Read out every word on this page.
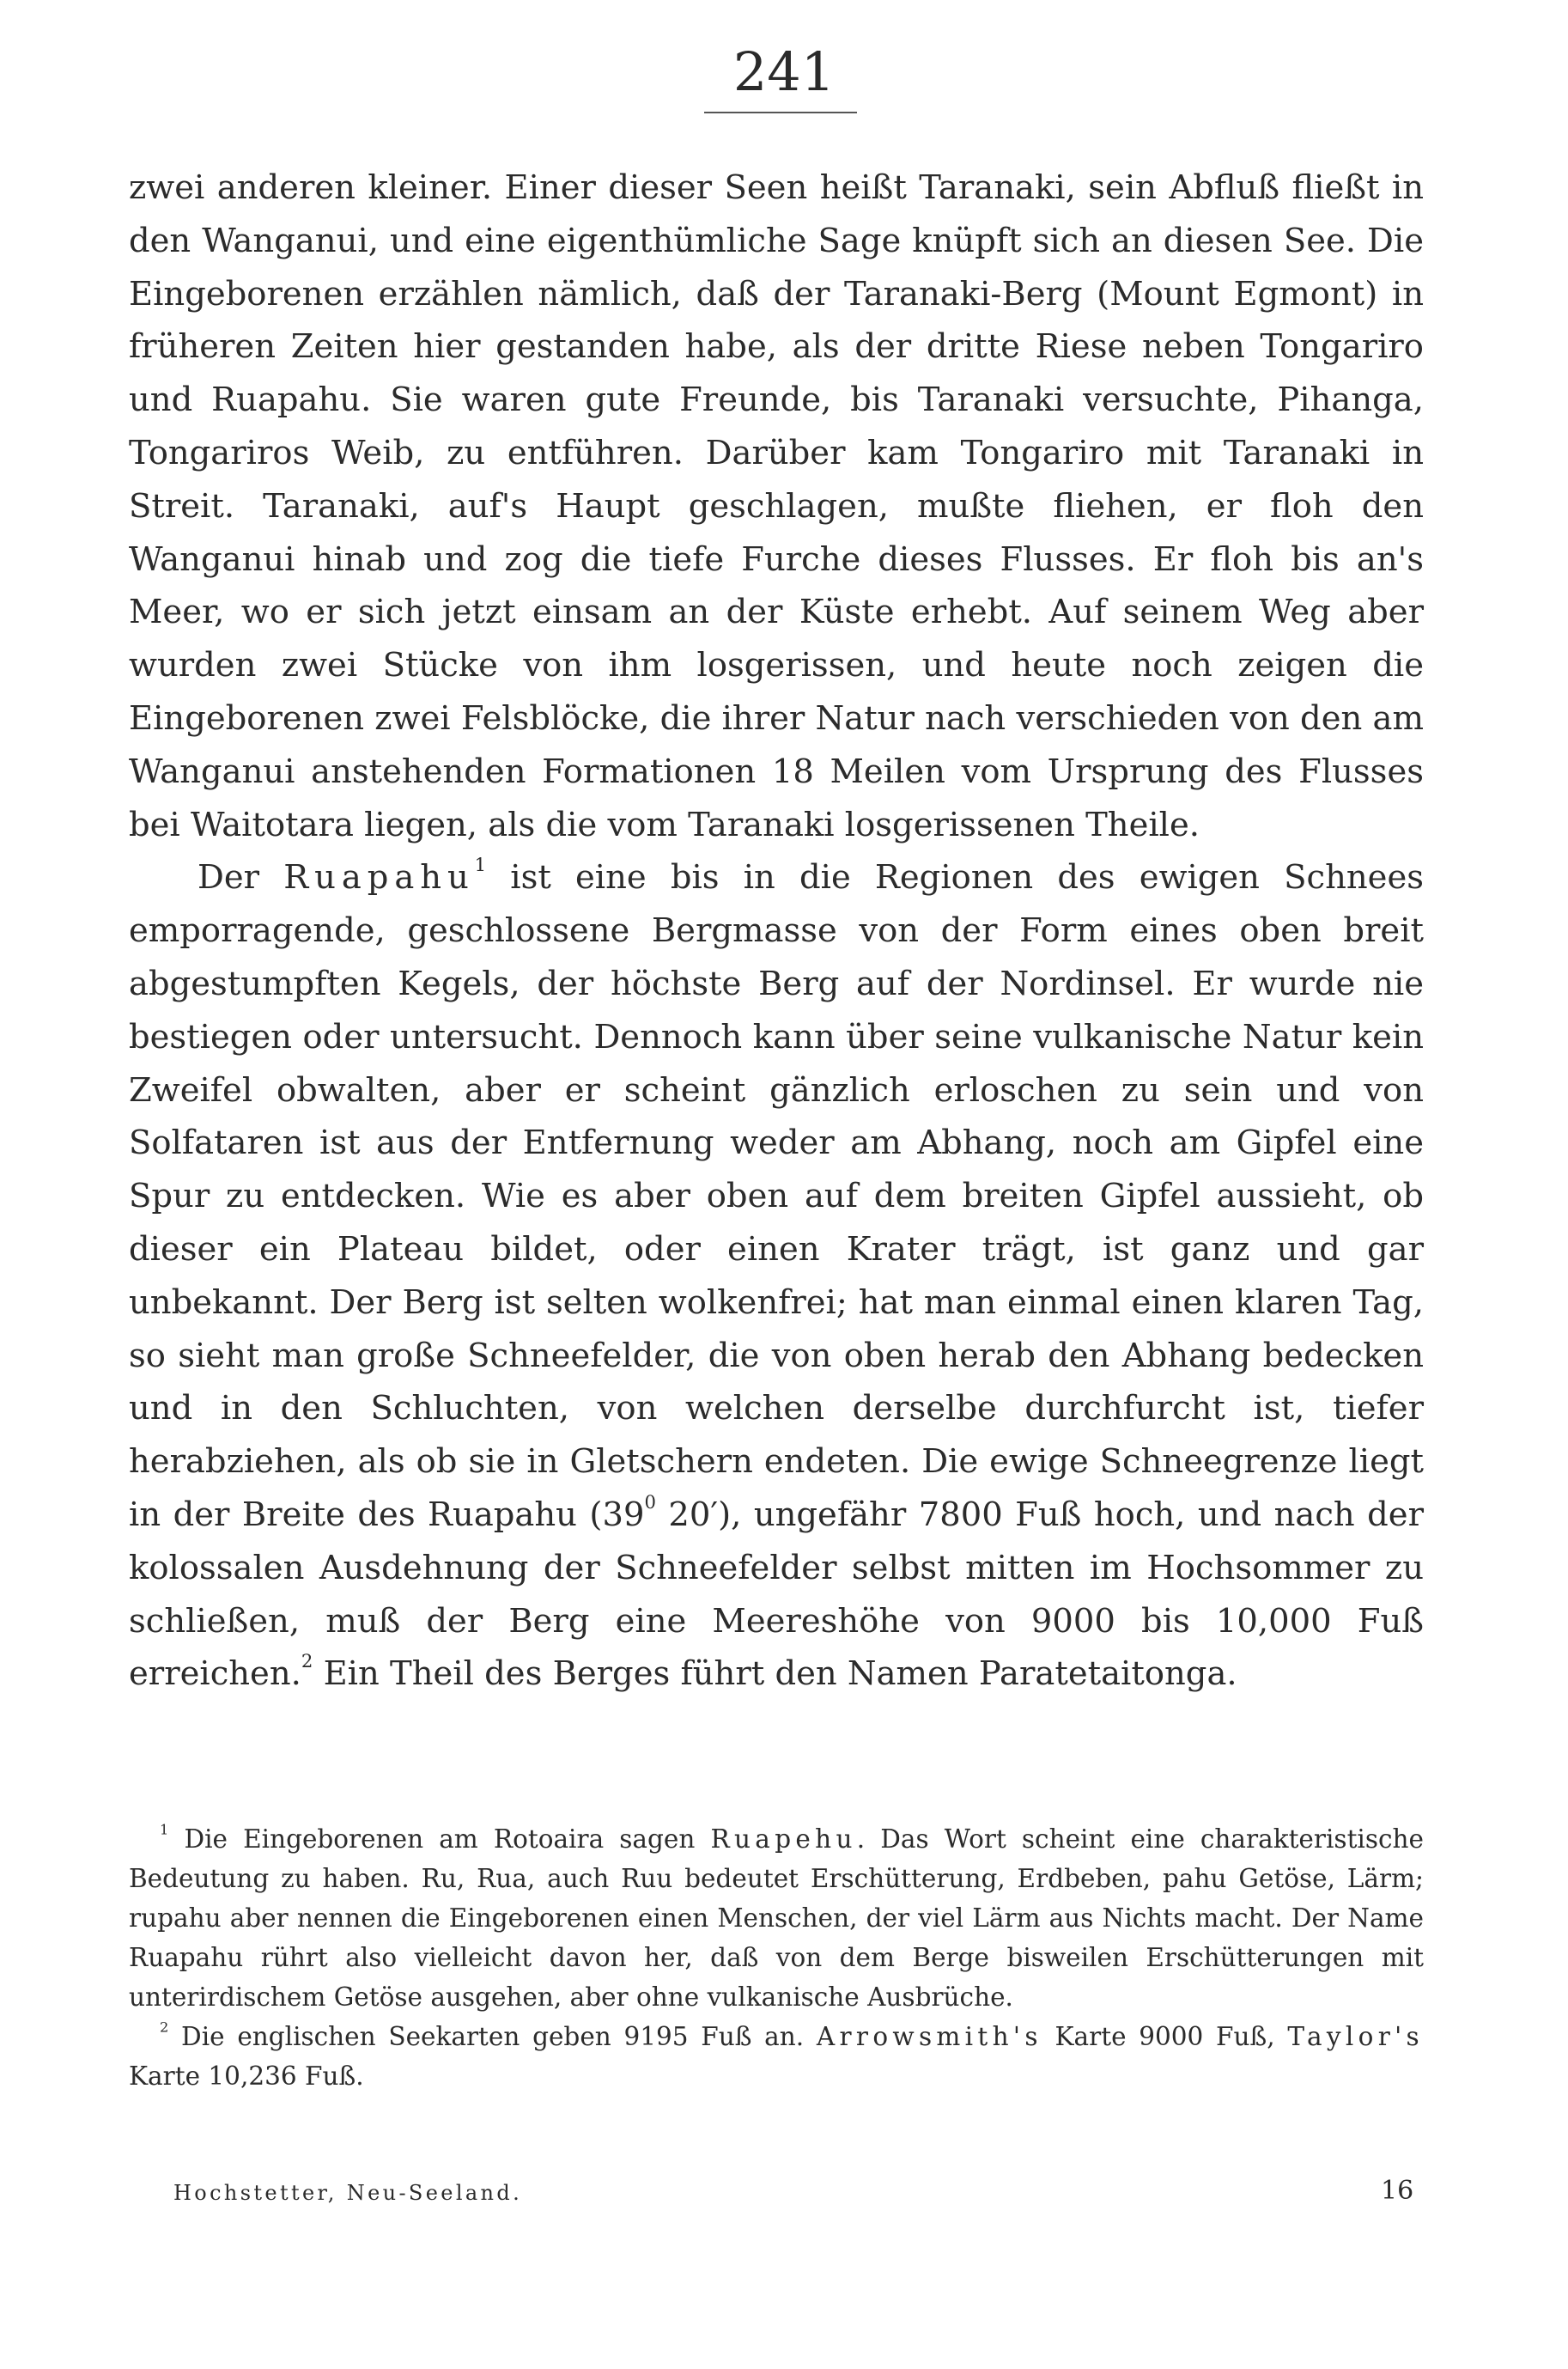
241

zwei anderen kleiner. Einer dieser Seen heißt Taranaki, sein Abfluß fließt in den Wanganui, und eine eigenthümliche Sage knüpft sich an diesen See. Die Eingeborenen erzählen nämlich, daß der Taranaki-Berg (Mount Egmont) in früheren Zeiten hier gestanden habe, als der dritte Riese neben Tongariro und Ruapahu. Sie waren gute Freunde, bis Taranaki versuchte, Pihanga, Tongariros Weib, zu entführen. Darüber kam Tongariro mit Taranaki in Streit. Taranaki, auf's Haupt geschlagen, mußte fliehen, er floh den Wanganui hinab und zog die tiefe Furche dieses Flusses. Er floh bis an's Meer, wo er sich jetzt einsam an der Küste erhebt. Auf seinem Weg aber wurden zwei Stücke von ihm losgerissen, und heute noch zeigen die Eingeborenen zwei Felsblöcke, die ihrer Natur nach verschieden von den am Wanganui anstehenden Formationen 18 Meilen vom Ursprung des Flusses bei Waitotara liegen, als die vom Taranaki losgerissenen Theile.

Der Ruapahu$^1$ ist eine bis in die Regionen des ewigen Schnees emporragende, geschlossene Bergmasse von der Form eines oben breit abgestumpften Kegels, der höchste Berg auf der Nordinsel. Er wurde nie bestiegen oder untersucht. Dennoch kann über seine vulkanische Natur kein Zweifel obwalten, aber er scheint gänzlich erloschen zu sein und von Solfataren ist aus der Entfernung weder am Abhang, noch am Gipfel eine Spur zu entdecken. Wie es aber oben auf dem breiten Gipfel aussieht, ob dieser ein Plateau bildet, oder einen Krater trägt, ist ganz und gar unbekannt. Der Berg ist selten wolkenfrei; hat man einmal einen klaren Tag, so sieht man große Schneefelder, die von oben herab den Abhang bedecken und in den Schluchten, von welchen derselbe durchfurcht ist, tiefer herabziehen, als ob sie in Gletschern endeten. Die ewige Schneegrenze liegt in der Breite des Ruapahu ($39^0$ 20′), ungefähr 7800 Fuß hoch, und nach der kolossalen Ausdehnung der Schneefelder selbst mitten im Hochsommer zu schließen, muß der Berg eine Meereshöhe von 9000 bis 10,000 Fuß erreichen.$^2$ Ein Theil des Berges führt den Namen Paratetaitonga.

$^1$ Die Eingeborenen am Rotoaira sagen Ruapehu. Das Wort scheint eine charakteristische Bedeutung zu haben. Ru, Rua, auch Ruu bedeutet Erschütterung, Erdbeben, pahu Getöse, Lärm; rupahu aber nennen die Eingeborenen einen Menschen, der viel Lärm aus Nichts macht. Der Name Ruapahu rührt also vielleicht davon her, daß von dem Berge bisweilen Erschütterungen mit unterirdischem Getöse ausgehen, aber ohne vulkanische Ausbrüche.

$^2$ Die englischen Seekarten geben 9195 Fuß an. Arrowsmith's Karte 9000 Fuß, Taylor's Karte 10,236 Fuß.

Hochstetter, Neu-Seeland.	16
